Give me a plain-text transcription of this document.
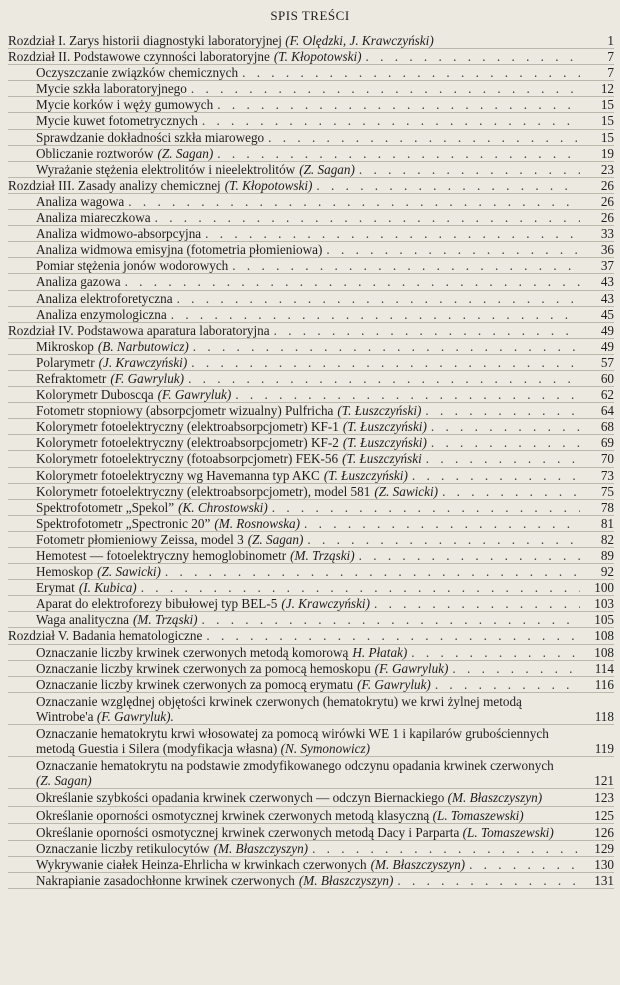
SPIS TREŚCI
Rozdział I. Zarys historii diagnostyki laboratoryjnej (F. Olędzki, J. Krawczyński)	1
Rozdział II. Podstawowe czynności laboratoryjne (T. Kłopotowski) . . .	7
Oczyszczanie związków chemicznych . . .	7
Mycie szkła laboratoryjnego . . .	12
Mycie korków i węży gumowych . . .	15
Mycie kuwet fotometrycznych . . .	15
Sprawdzanie dokładności szkła miarowego . . .	15
Obliczanie roztworów (Z. Sagan) . . .	19
Wyrażanie stężenia elektrolitów i nieelektrolitów (Z. Sagan) . . .	23
Rozdział III. Zasady analizy chemicznej (T. Kłopotowski) . . .	26
Analiza wagowa . . .	26
Analiza miareczkowa . . .	26
Analiza widmowo-absorpcyjna . . .	33
Analiza widmowa emisyjna (fotometria płomieniowa) . . .	36
Pomiar stężenia jonów wodorowych . . .	37
Analiza gazowa . . .	43
Analiza elektroforetyczna . . .	43
Analiza enzymologiczna . . .	45
Rozdział IV. Podstawowa aparatura laboratoryjna . . .	49
Mikroskop (B. Narbutowicz) . . .	49
Polarymetr (J. Krawczyński) . . .	57
Refraktometr (F. Gawryluk) . . .	60
Kolorymetr Duboscqa (F. Gawryluk) . . .	62
Fotometr stopniowy (absorpcjometr wizualny) Pulfricha (T. Łuszczyński) . . .	64
Kolorymetr fotoelektryczny (elektroabsorpcjometr) KF-1 (T. Łuszczyński) . . .	68
Kolorymetr fotoelektryczny (elektroabsorpcjometr) KF-2 (T. Łuszczyński) . . .	69
Kolorymetr fotoelektryczny (fotoabsorpcjometr) FEK-56 (T. Łuszczyński . . .	70
Kolorymetr fotoelektryczny wg Havemanna typ AKC (T. Łuszczyński) . . .	73
Kolorymetr fotoelektryczny (elektroabsorpcjometr), model 581 (Z. Sawicki) . . .	75
Spektrofotometr „Spekol” (K. Chrostowski) . . .	78
Spektrofotometr „Spectronic 20” (M. Rosnowska) . . .	81
Fotometr płomieniowy Zeissa, model 3 (Z. Sagan) . . .	82
Hemotest — fotoelektryczny hemoglobinometr (M. Trząski) . . .	89
Hemoskop (Z. Sawicki) . . .	92
Erymat (I. Kubica) . . .	100
Aparat do elektroforezy bibułowej typ BEL-5 (J. Krawczyński) . . .	103
Waga analityczna (M. Trząski) . . .	105
Rozdział V. Badania hematologiczne . . .	108
Oznaczanie liczby krwinek czerwonych metodą komorową H. Płatak) . . .	108
Oznaczanie liczby krwinek czerwonych za pomocą hemoskopu (F. Gawryluk) . . .	114
Oznaczanie liczby krwinek czerwonych za pomocą erymatu (F. Gawryluk) . . .	116
Oznaczanie względnej objętości krwinek czerwonych (hematokrytu) we krwi żylnej metodą Wintrobe'a (F. Gawryluk).	118
Oznaczanie hematokrytu krwi włosowatej za pomocą wirówki WE 1 i kapilarów grubościennych metodą Guestia i Silera (modyfikacja własna) (N. Symonowicz)	119
Oznaczanie hematokrytu na podstawie zmodyfikowanego odczynu opadania krwinek czerwonych (Z. Sagan)	121
Określanie szybkości opadania krwinek czerwonych — odczyn Biernackiego (M. Błaszczyszyn)	123
Określanie oporności osmotycznej krwinek czerwonych metodą klasyczną (L. Tomaszewski)	125
Określanie oporności osmotycznej krwinek czerwonych metodą Dacy i Parparta (L. Tomaszewski)	126
Oznaczanie liczby retikulocytów (M. Błaszczyszyn) . . .	129
Wykrywanie ciałek Heinza-Ehrlicha w krwinkach czerwonych (M. Błaszczyszyn) . . .	130
Nakrapianie zasadochłonne krwinek czerwonych (M. Błaszczyszyn) . . .	131
